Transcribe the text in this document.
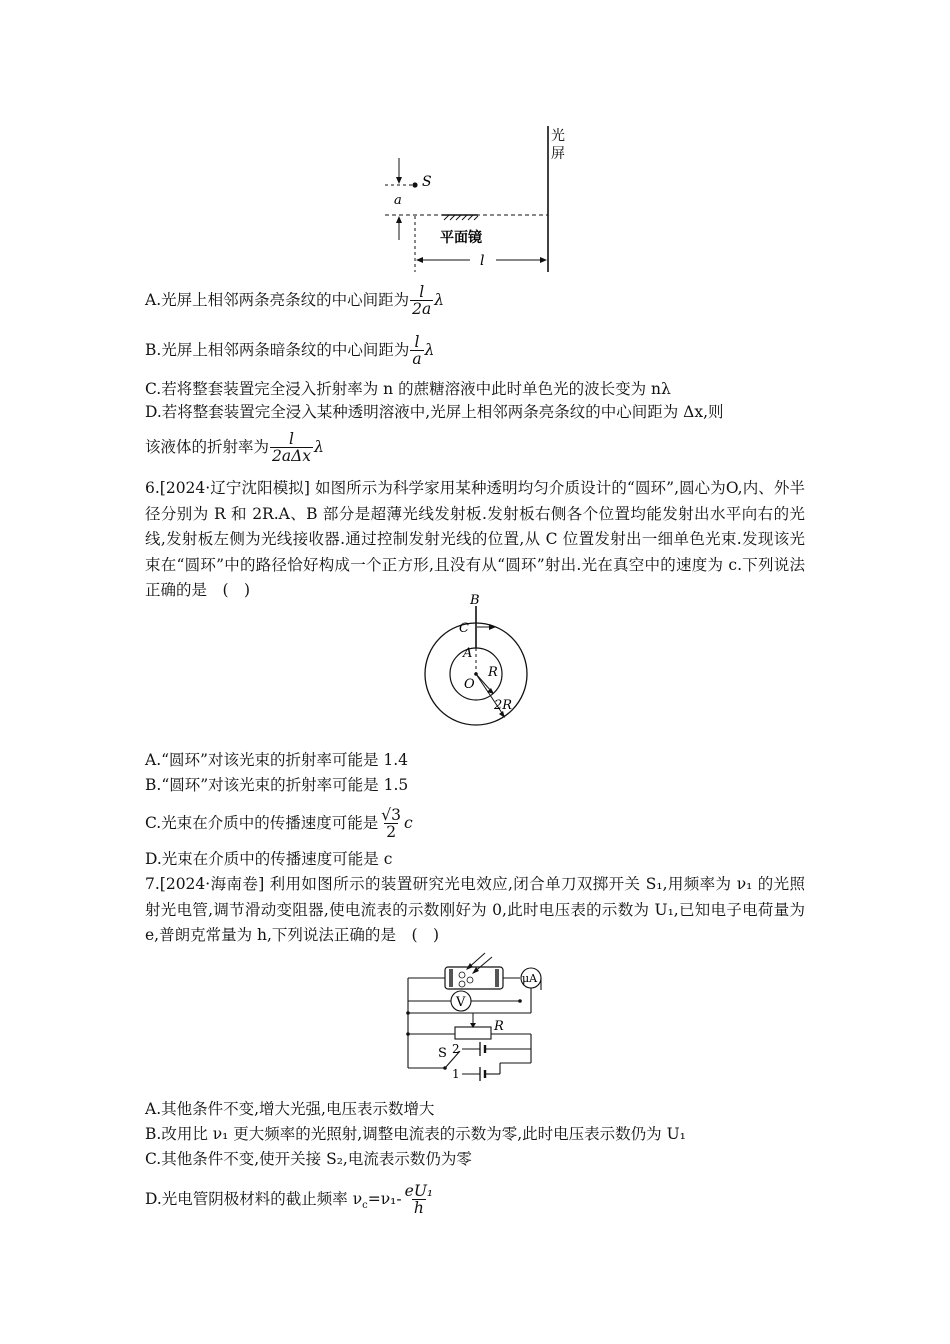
光
屏
S
a
平面镜
l
A.光屏上相邻两条亮条纹的中心间距为 $\frac{l}{2a}$ λ
B.光屏上相邻两条暗条纹的中心间距为 $\frac{l}{a}$ λ
C.若将整套装置完全浸入折射率为 n 的蔗糖溶液中此时单色光的波长变为 nλ
D.若将整套装置完全浸入某种透明溶液中,光屏上相邻两条亮条纹的中心间距为 Δx,则
该液体的折射率为 $\frac{l}{\text{2aΔx}}$ λ
6.[2024·辽宁沈阳模拟] 如图所示为科学家用某种透明均匀介质设计的“圆环”,圆心为O,内、外半径分别为 R 和 2R.A、B 部分是超薄光线发射板.发射板右侧各个位置均能发射出水平向右的光线,发射板左侧为光线接收器.通过控制发射光线的位置,从 C 位置发射出一细单色光束.发现该光束在“圆环”中的路径恰好构成一个正方形,且没有从“圆环”射出.光在真空中的速度为 c.下列说法正确的是　(　)
B
C
A
O
R
2R
A.“圆环”对该光束的折射率可能是 1.4
B.“圆环”对该光束的折射率可能是 1.5
C.光束在介质中的传播速度可能是 $\frac{√3}{2}$ c
D.光束在介质中的传播速度可能是 c
7.[2024·海南卷] 利用如图所示的装置研究光电效应,闭合单刀双掷开关 S₁,用频率为 ν₁ 的光照射光电管,调节滑动变阻器,使电流表的示数刚好为 0,此时电压表的示数为 U₁,已知电子电荷量为 e,普朗克常量为 h,下列说法正确的是　(　)
μA
V
R
S 2
1
A.其他条件不变,增大光强,电压表示数增大
B.改用比 ν₁ 更大频率的光照射,调整电流表的示数为零,此时电压表示数仍为 U₁
C.其他条件不变,使开关接 S₂,电流表示数仍为零
D.光电管阴极材料的截止频率 $\nu_c=\nu_1- \frac{\text{eU₁}}{h}$
